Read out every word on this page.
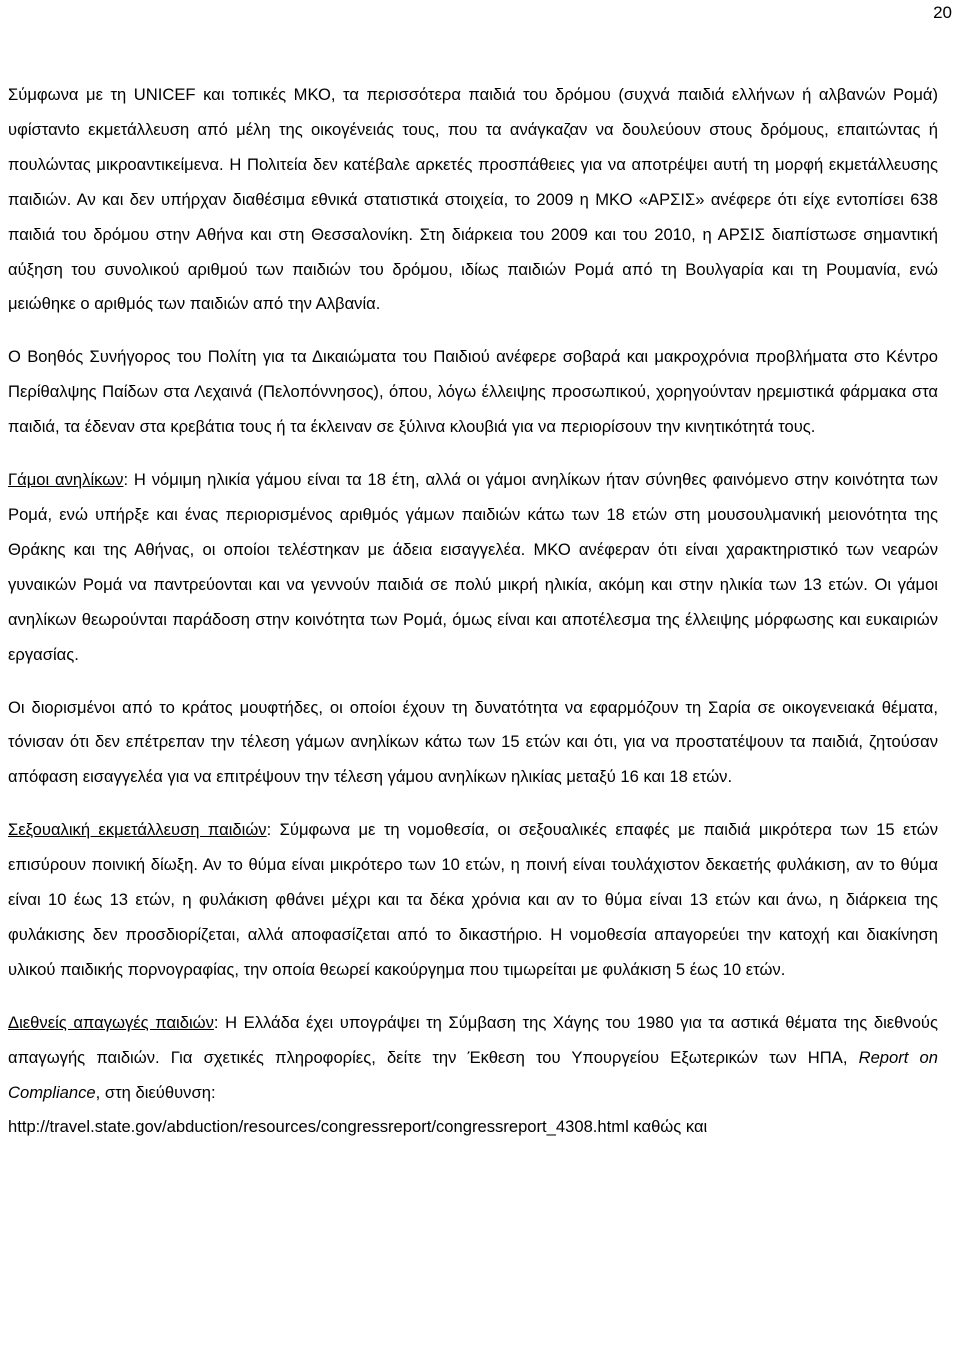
20

Σύμφωνα με τη UNICEF και τοπικές ΜΚΟ, τα περισσότερα παιδιά του δρόμου (συχνά παιδιά ελλήνων ή αλβανών Ρομά) υφίστανto εκμετάλλευση από μέλη της οικογένειάς τους, που τα ανάγκαζαν να δουλεύουν στους δρόμους, επαιτώντας ή πουλώντας μικροαντικείμενα. Η Πολιτεία δεν κατέβαλε αρκετές προσπάθειες για να αποτρέψει αυτή τη μορφή εκμετάλλευσης παιδιών. Αν και δεν υπήρχαν διαθέσιμα εθνικά στατιστικά στοιχεία, το 2009 η ΜΚΟ «ΑΡΣΙΣ» ανέφερε ότι είχε εντοπίσει 638 παιδιά του δρόμου στην Αθήνα και στη Θεσσαλονίκη. Στη διάρκεια του 2009 και του 2010, η ΑΡΣΙΣ διαπίστωσε σημαντική αύξηση του συνολικού αριθμού των παιδιών του δρόμου, ιδίως παιδιών Ρομά από τη Βουλγαρία και τη Ρουμανία, ενώ μειώθηκε ο αριθμός των παιδιών από την Αλβανία.

Ο Βοηθός Συνήγορος του Πολίτη για τα Δικαιώματα του Παιδιού ανέφερε σοβαρά και μακροχρόνια προβλήματα στο Κέντρο Περίθαλψης Παίδων στα Λεχαινά (Πελοπόννησος), όπου, λόγω έλλειψης προσωπικού, χορηγούνταν ηρεμιστικά φάρμακα στα παιδιά, τα έδεναν στα κρεβάτια τους ή τα έκλειναν σε ξύλινα κλουβιά για να περιορίσουν την κινητικότητά τους.

Γάμοι ανηλίκων: Η νόμιμη ηλικία γάμου είναι τα 18 έτη, αλλά οι γάμοι ανηλίκων ήταν σύνηθες φαινόμενο στην κοινότητα των Ρομά, ενώ υπήρξε και ένας περιορισμένος αριθμός γάμων παιδιών κάτω των 18 ετών στη μουσουλμανική μειονότητα της Θράκης και της Αθήνας, οι οποίοι τελέστηκαν με άδεια εισαγγελέα. ΜΚΟ ανέφεραν ότι είναι χαρακτηριστικό των νεαρών γυναικών Ρομά να παντρεύονται και να γεννούν παιδιά σε πολύ μικρή ηλικία, ακόμη και στην ηλικία των 13 ετών. Οι γάμοι ανηλίκων θεωρούνται παράδοση στην κοινότητα των Ρομά, όμως είναι και αποτέλεσμα της έλλειψης μόρφωσης και ευκαιριών εργασίας.

Οι διορισμένοι από το κράτος μουφτήδες, οι οποίοι έχουν τη δυνατότητα να εφαρμόζουν τη Σαρία σε οικογενειακά θέματα, τόνισαν ότι δεν επέτρεπαν την τέλεση γάμων ανηλίκων κάτω των 15 ετών και ότι, για να προστατέψουν τα παιδιά, ζητούσαν απόφαση εισαγγελέα για να επιτρέψουν την τέλεση γάμου ανηλίκων ηλικίας μεταξύ 16 και 18 ετών.

Σεξουαλική εκμετάλλευση παιδιών: Σύμφωνα με τη νομοθεσία, οι σεξουαλικές επαφές με παιδιά μικρότερα των 15 ετών επισύρουν ποινική δίωξη. Αν το θύμα είναι μικρότερο των 10 ετών, η ποινή είναι τουλάχιστον δεκαετής φυλάκιση, αν το θύμα είναι 10 έως 13 ετών, η φυλάκιση φθάνει μέχρι και τα δέκα χρόνια και αν το θύμα είναι 13 ετών και άνω, η διάρκεια της φυλάκισης δεν προσδιορίζεται, αλλά αποφασίζεται από το δικαστήριο. Η νομοθεσία απαγορεύει την κατοχή και διακίνηση υλικού παιδικής πορνογραφίας, την οποία θεωρεί κακούργημα που τιμωρείται με φυλάκιση 5 έως 10 ετών.

Διεθνείς απαγωγές παιδιών: Η Ελλάδα έχει υπογράψει τη Σύμβαση της Χάγης του 1980 για τα αστικά θέματα της διεθνούς απαγωγής παιδιών. Για σχετικές πληροφορίες, δείτε την Έκθεση του Υπουργείου Εξωτερικών των ΗΠΑ, Report on Compliance, στη διεύθυνση:
http://travel.state.gov/abduction/resources/congressreport/congressreport_4308.html καθώς και
